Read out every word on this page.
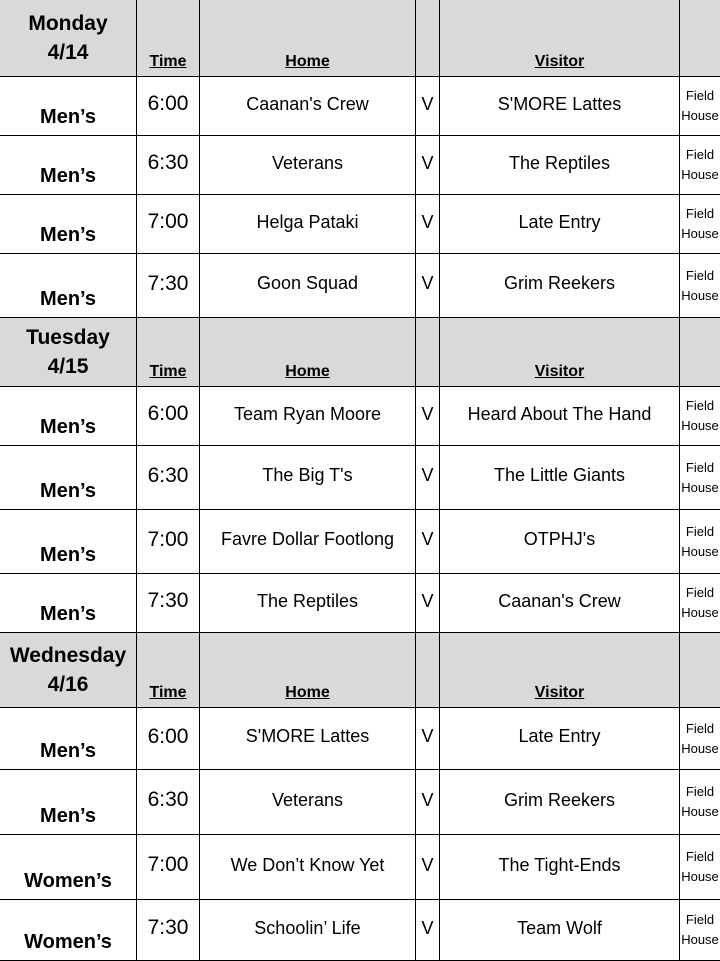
Monday
4/14	Time	Home		Visitor	
Men’s	6:00	Caanan's Crew	V	S'MORE Lattes	Field
House

Men’s	6:30	Veterans	V	The Reptiles	Field
House

Men’s	7:00	Helga Pataki	V	Late Entry	Field
House

Men’s	7:30	Goon Squad	V	Grim Reekers	Field
House

Tuesday
4/15	Time	Home		Visitor	
Men’s	6:00	Team Ryan Moore	V	Heard About The Hand	Field
House

Men’s	6:30	The Big T's	V	The Little Giants	Field
House

Men’s	7:00	Favre Dollar Footlong	V	OTPHJ's	Field
House

Men’s	7:30	The Reptiles	V	Caanan's Crew	Field
House

Wednesday
4/16	Time	Home		Visitor	
Men’s	6:00	S'MORE Lattes	V	Late Entry	Field
House

Men’s	6:30	Veterans	V	Grim Reekers	Field
House

Women’s	7:00	We Don’t Know Yet	V	The Tight-Ends	Field
House

Women’s	7:30	Schoolin’ Life	V	Team Wolf	Field
House
